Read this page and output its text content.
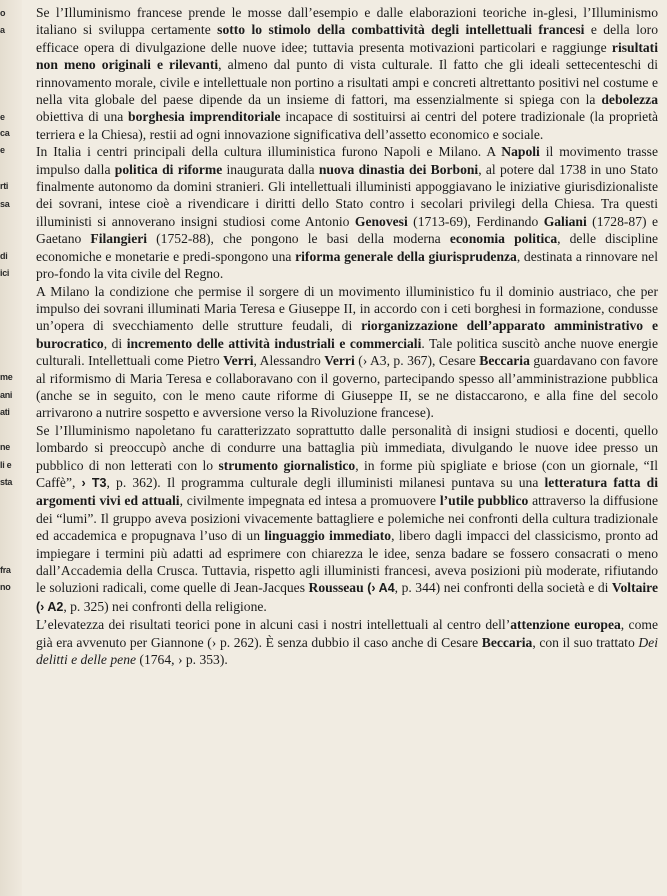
o
a
e
ca
e
rti
sa
di
ici
me
ani
ati
ne
li e
sta
fra
no

Se l’Illuminismo francese prende le mosse dall’esempio e dalle elaborazioni teoriche in-glesi, l’Illuminismo italiano si sviluppa certamente sotto lo stimolo della combattività degli intellettuali francesi e della loro efficace opera di divulgazione delle nuove idee; tuttavia presenta motivazioni particolari e raggiunge risultati non meno originali e rilevanti, almeno dal punto di vista culturale. Il fatto che gli ideali settecenteschi di rinnovamento morale, civile e intellettuale non portino a risultati ampi e concreti altrettanto positivi nel costume e nella vita globale del paese dipende da un insieme di fattori, ma essenzialmente si spiega con la debolezza obiettiva di una borghesia imprenditoriale incapace di sostituirsi ai centri del potere tradizionale (la proprietà terriera e la Chiesa), restii ad ogni innovazione significativa dell’assetto economico e sociale.

In Italia i centri principali della cultura illuministica furono Napoli e Milano. A Napoli il movimento trasse impulso dalla politica di riforme inaugurata dalla nuova dinastia dei Borboni, al potere dal 1738 in uno Stato finalmente autonomo da domini stranieri. Gli intellettuali illuministi appoggiavano le iniziative giurisdizionaliste dei sovrani, intese cioè a rivendicare i diritti dello Stato contro i secolari privilegi della Chiesa. Tra questi illuministi si annoverano insigni studiosi come Antonio Genovesi (1713-69), Ferdinando Galiani (1728-87) e Gaetano Filangieri (1752-88), che pongono le basi della moderna economia politica, delle discipline economiche e monetarie e predi-spongono una riforma generale della giurisprudenza, destinata a rinnovare nel pro-fondo la vita civile del Regno.

A Milano la condizione che permise il sorgere di un movimento illuministico fu il dominio austriaco, che per impulso dei sovrani illuminati Maria Teresa e Giuseppe II, in accordo con i ceti borghesi in formazione, condusse un’opera di svecchiamento delle strutture feudali, di riorganizzazione dell’apparato amministrativo e burocratico, di incremento delle attività industriali e commerciali. Tale politica suscitò anche nuove energie culturali. Intellettuali come Pietro Verri, Alessandro Verri (› A3, p. 367), Cesare Beccaria guardavano con favore al riformismo di Maria Teresa e collaboravano con il governo, partecipando spesso all’amministrazione pubblica (anche se in seguito, con le meno caute riforme di Giuseppe II, se ne distaccarono, e alla fine del secolo arrivarono a nutrire sospetto e avversione verso la Rivoluzione francese).

Se l’Illuminismo napoletano fu caratterizzato soprattutto dalle personalità di insigni studiosi e docenti, quello lombardo si preoccupò anche di condurre una battaglia più immediata, divulgando le nuove idee presso un pubblico di non letterati con lo strumento giornalistico, in forme più spigliate e briose (con un giornale, “Il Caffè”, › T3, p. 362). Il programma culturale degli illuministi milanesi puntava su una letteratura fatta di argomenti vivi ed attuali, civilmente impegnata ed intesa a promuovere l’utile pubblico attraverso la diffusione dei “lumi”. Il gruppo aveva posizioni vivacemente battagliere e polemiche nei confronti della cultura tradizionale ed accademica e propugnava l’uso di un linguaggio immediato, libero dagli impacci del classicismo, pronto ad impiegare i termini più adatti ad esprimere con chiarezza le idee, senza badare se fossero consacrati o meno dall’Accademia della Crusca. Tuttavia, rispetto agli illuministi francesi, aveva posizioni più moderate, rifiutando le soluzioni radicali, come quelle di Jean-Jacques Rousseau (› A4, p. 344) nei confronti della società e di Voltaire (› A2, p. 325) nei confronti della religione.

L’elevatezza dei risultati teorici pone in alcuni casi i nostri intellettuali al centro dell’attenzione europea, come già era avvenuto per Giannone (› p. 262). È senza dubbio il caso anche di Cesare Beccaria, con il suo trattato Dei delitti e delle pene (1764, › p. 353).
